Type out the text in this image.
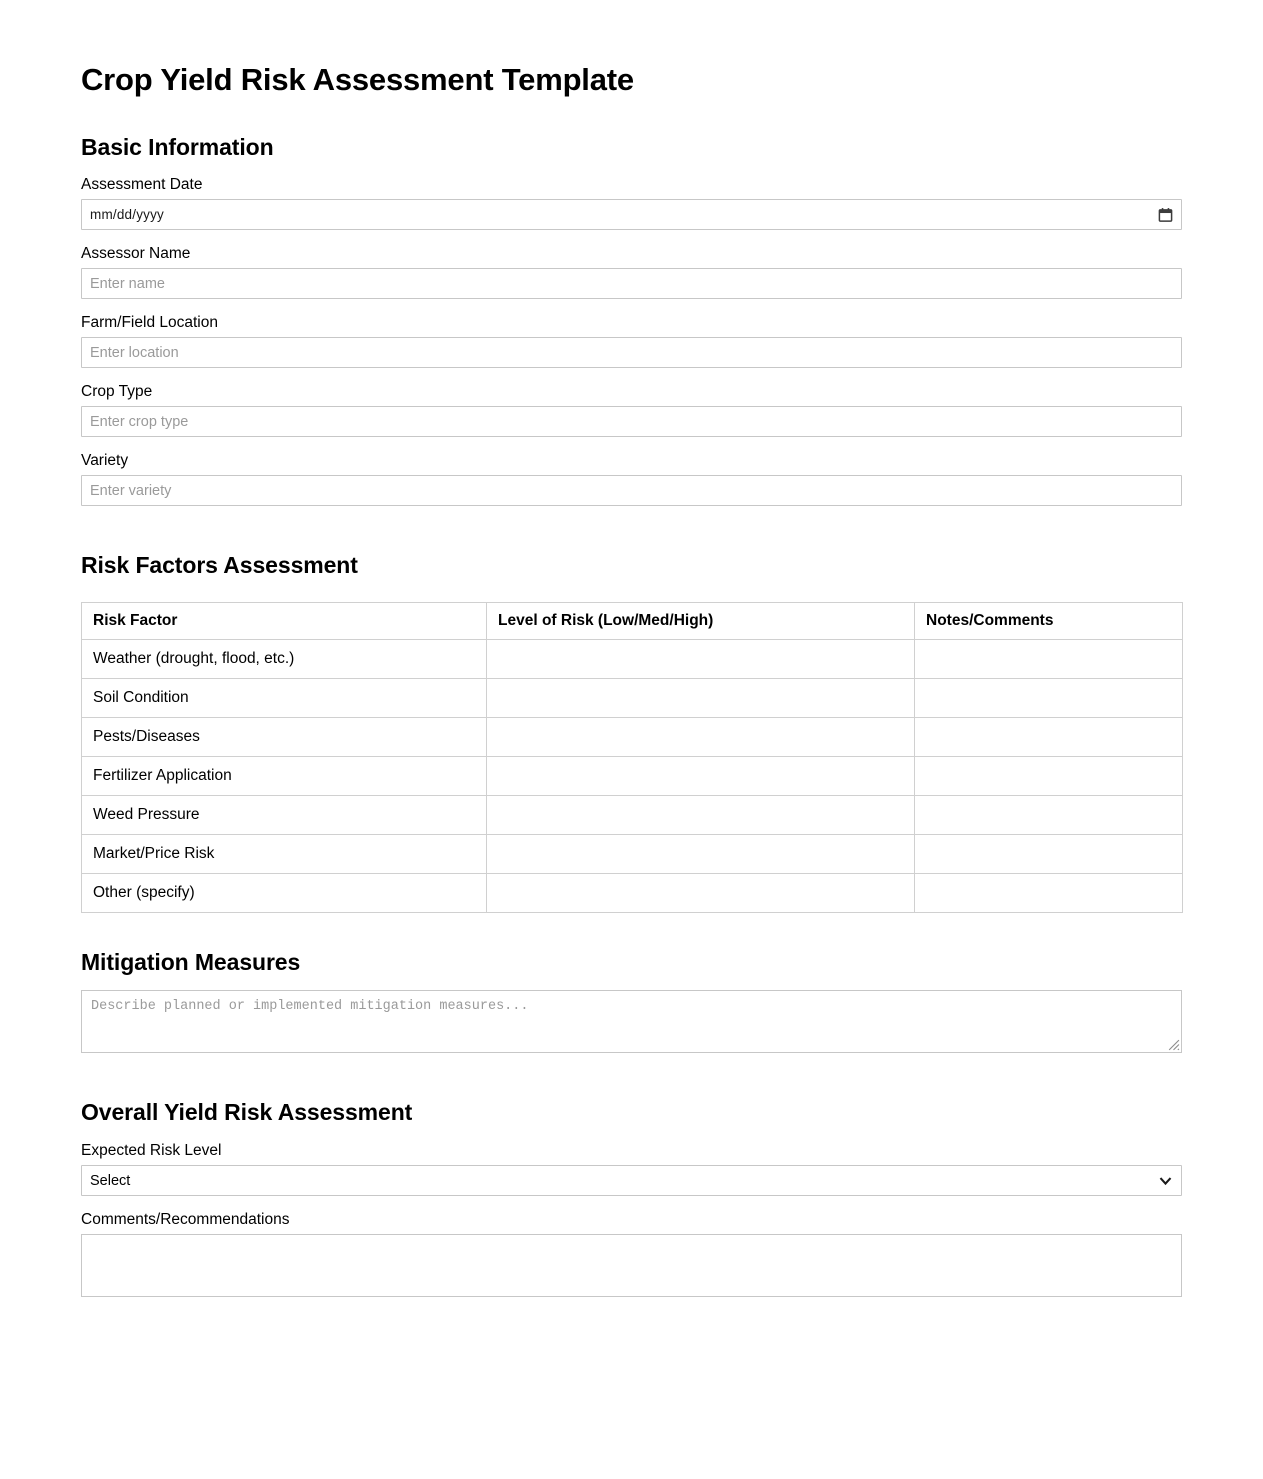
Crop Yield Risk Assessment Template
Basic Information
Assessment Date
mm/dd/yyyy
Assessor Name
Enter name
Farm/Field Location
Enter location
Crop Type
Enter crop type
Variety
Enter variety
Risk Factors Assessment
Risk Factor	Level of Risk (Low/Med/High)	Notes/Comments
Weather (drought, flood, etc.)		
Soil Condition		
Pests/Diseases		
Fertilizer Application		
Weed Pressure		
Market/Price Risk		
Other (specify)		
Mitigation Measures
Describe planned or implemented mitigation measures...
Overall Yield Risk Assessment
Expected Risk Level
Select
Comments/Recommendations
